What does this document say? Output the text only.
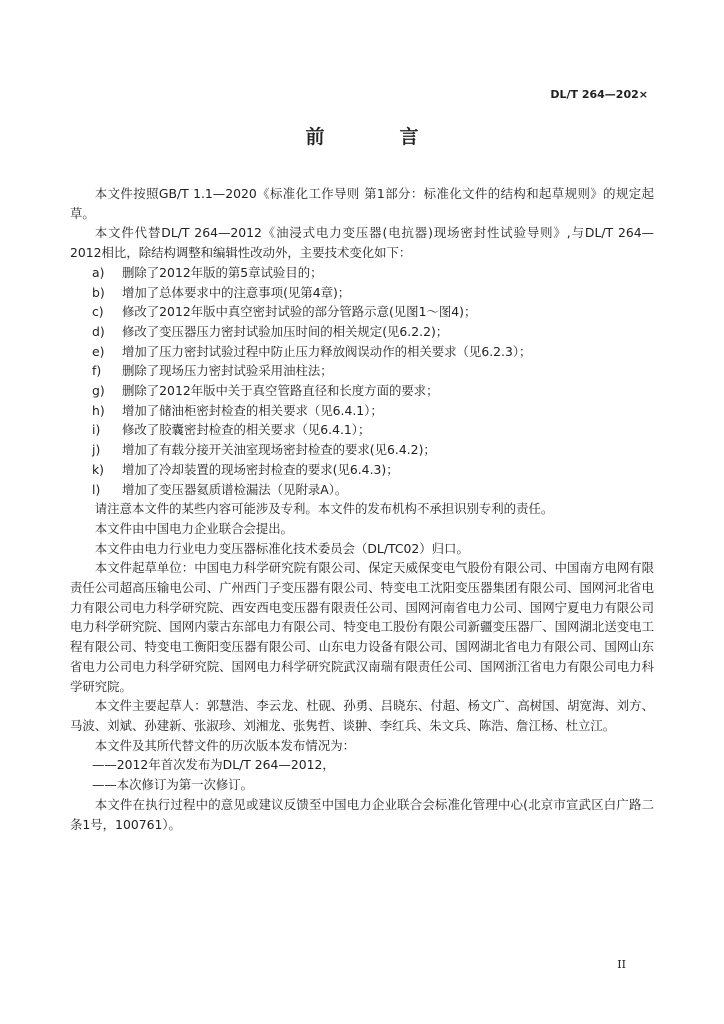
DL/T 264—202×
前　言

本文件按照GB/T 1.1—2020《标准化工作导则 第1部分：标准化文件的结构和起草规则》的规定起草。

本文件代替DL/T 264—2012《油浸式电力变压器(电抗器)现场密封性试验导则》,与DL/T 264—2012相比，除结构调整和编辑性改动外，主要技术变化如下：

a)	删除了2012年版的第5章试验目的；
b)	增加了总体要求中的注意事项(见第4章)；
c)	修改了2012年版中真空密封试验的部分管路示意(见图1～图4)；
d)	修改了变压器压力密封试验加压时间的相关规定(见6.2.2)；
e)	增加了压力密封试验过程中防止压力释放阀误动作的相关要求（见6.2.3）；
f)	删除了现场压力密封试验采用油柱法；
g)	删除了2012年版中关于真空管路直径和长度方面的要求；
h)	增加了储油柜密封检查的相关要求（见6.4.1）；
i)	修改了胶囊密封检查的相关要求（见6.4.1）；
j)	增加了有载分接开关油室现场密封检查的要求(见6.4.2)；
k)	增加了冷却装置的现场密封检查的要求(见6.4.3)；
l)	增加了变压器氦质谱检漏法（见附录A）。

请注意本文件的某些内容可能涉及专利。本文件的发布机构不承担识别专利的责任。

本文件由中国电力企业联合会提出。

本文件由电力行业电力变压器标准化技术委员会（DL/TC02）归口。

本文件起草单位：中国电力科学研究院有限公司、保定天威保变电气股份有限公司、中国南方电网有限责任公司超高压输电公司、广州西门子变压器有限公司、特变电工沈阳变压器集团有限公司、国网河北省电力有限公司电力科学研究院、西安西电变压器有限责任公司、国网河南省电力公司、国网宁夏电力有限公司电力科学研究院、国网内蒙古东部电力有限公司、特变电工股份有限公司新疆变压器厂、国网湖北送变电工程有限公司、特变电工衡阳变压器有限公司、山东电力设备有限公司、国网湖北省电力有限公司、国网山东省电力公司电力科学研究院、国网电力科学研究院武汉南瑞有限责任公司、国网浙江省电力有限公司电力科学研究院。

本文件主要起草人：郭慧浩、李云龙、杜砚、孙勇、吕晓东、付超、杨文广、高树国、胡宽海、刘方、马波、刘斌、孙建新、张淑珍、刘湘龙、张隽哲、谈翀、李红兵、朱文兵、陈浩、詹江杨、杜立江。

本文件及其所代替文件的历次版本发布情况为：

——2012年首次发布为DL/T 264—2012，

——本次修订为第一次修订。

本文件在执行过程中的意见或建议反馈至中国电力企业联合会标准化管理中心(北京市宣武区白广路二条1号，100761）。

II
